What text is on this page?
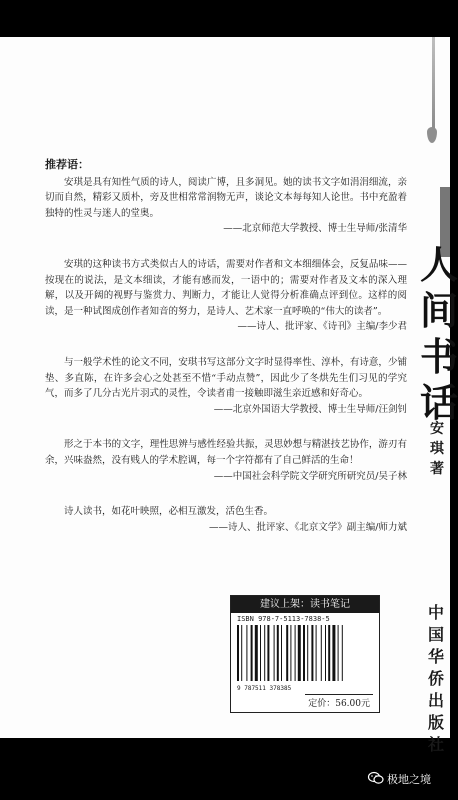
人间书话
安琪 著
中国华侨出版社
推荐语：
安琪是具有知性气质的诗人，阅读广博，且多洞见。她的读书文字如涓涓细流，亲切而自然，精彩又质朴，旁及世相常常润物无声，谈论文本每每知人论世。书中充盈着独特的性灵与迷人的堂奥。
——北京师范大学教授、博士生导师/张清华
安琪的这种读书方式类似古人的诗话，需要对作者和文本细细体会，反复品味——按现在的说法，是文本细读，才能有感而发，一语中的；需要对作者及文本的深入理解，以及开阔的视野与鉴赏力、判断力，才能让人觉得分析准确点评到位。这样的阅读，是一种试图成创作者知音的努力，是诗人、艺术家一直呼唤的“伟大的读者”。
——诗人、批评家、《诗刊》主编/李少君
与一般学术性的论文不同，安琪书写这部分文字时显得率性、淳朴，有诗意，少铺垫、多直陈，在许多会心之处甚至不惜“手动点赞”，因此少了冬烘先生们习见的学究气，而多了几分古光片羽式的灵性，令读者甫一接触即滋生亲近感和好奇心。
——北京外国语大学教授、博士生导师/汪剑钊
形之于本书的文字，理性思辨与感性经验共振，灵思妙想与精湛技艺协作，游刃有余，兴味盎然，没有贱人的学术腔调，每一个字符都有了自己鲜活的生命！
——中国社会科学院文学研究所研究员/吴子林
诗人读书，如花叶映照，必相互激发，活色生香。
——诗人、批评家、《北京文学》副主编/师力斌
建议上架：读书笔记
ISBN 978-7-5113-7838-5
9 787511 378385
定价：56.00元
极地之境
